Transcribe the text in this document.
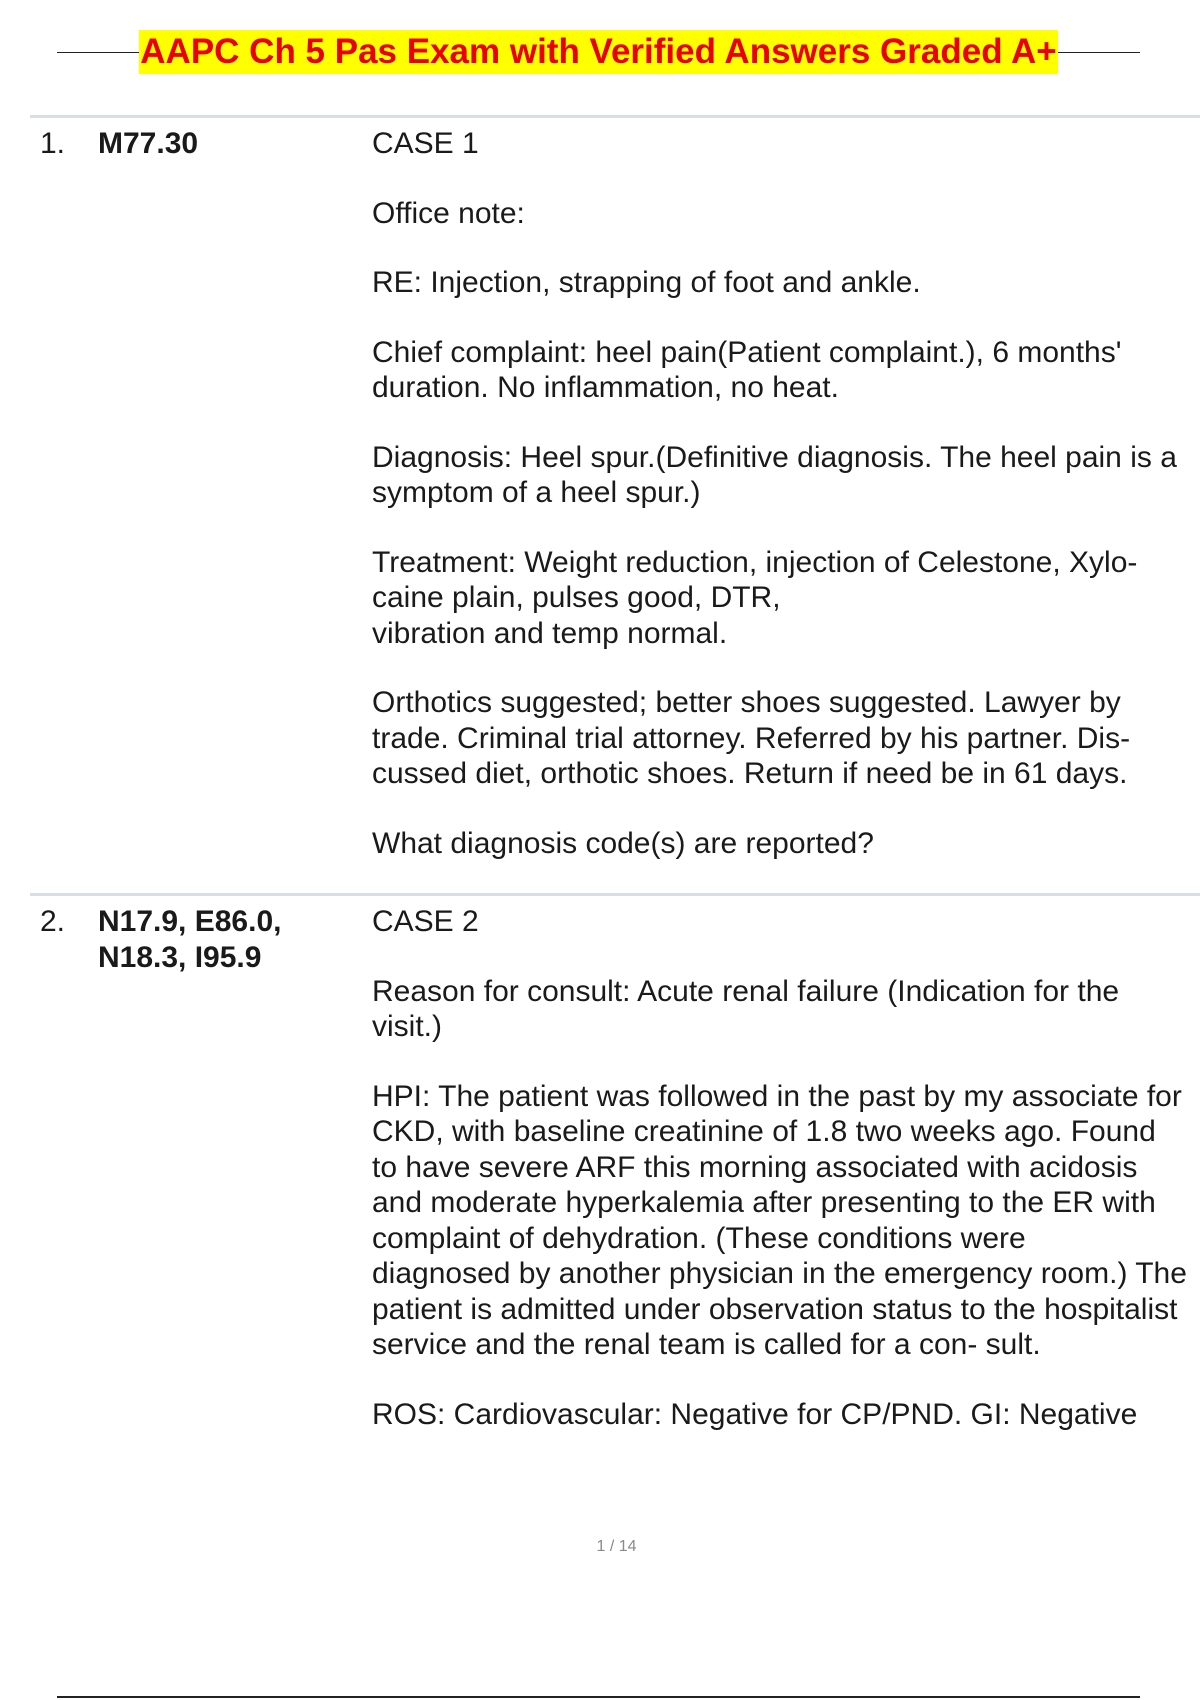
AAPC Ch 5 Pas Exam with Verified Answers Graded A+
1. M77.30	CASE 1

Office note:

RE: Injection, strapping of foot and ankle.

Chief complaint: heel pain(Patient complaint.), 6 months' duration. No inflammation, no heat.

Diagnosis: Heel spur.(Definitive diagnosis. The heel pain is a symptom of a heel spur.)

Treatment: Weight reduction, injection of Celestone, Xylo- caine plain, pulses good, DTR,
vibration and temp normal.

Orthotics suggested; better shoes suggested. Lawyer by trade. Criminal trial attorney. Referred by his partner. Dis- cussed diet, orthotic shoes. Return if need be in 61 days.

What diagnosis code(s) are reported?

2. N17.9, E86.0, N18.3, I95.9

CASE 2

Reason for consult: Acute renal failure (Indication for the visit.)

HPI: The patient was followed in the past by my associate for CKD, with baseline creatinine of 1.8 two weeks ago. Found to have severe ARF this morning associated with acidosis and moderate hyperkalemia after presenting to the ER with complaint of dehydration. (These conditions were
diagnosed by another physician in the emergency room.) The patient is admitted under observation status to the hospitalist service and the renal team is called for a con- sult.

ROS: Cardiovascular: Negative for CP/PND. GI: Negative

1 / 14
